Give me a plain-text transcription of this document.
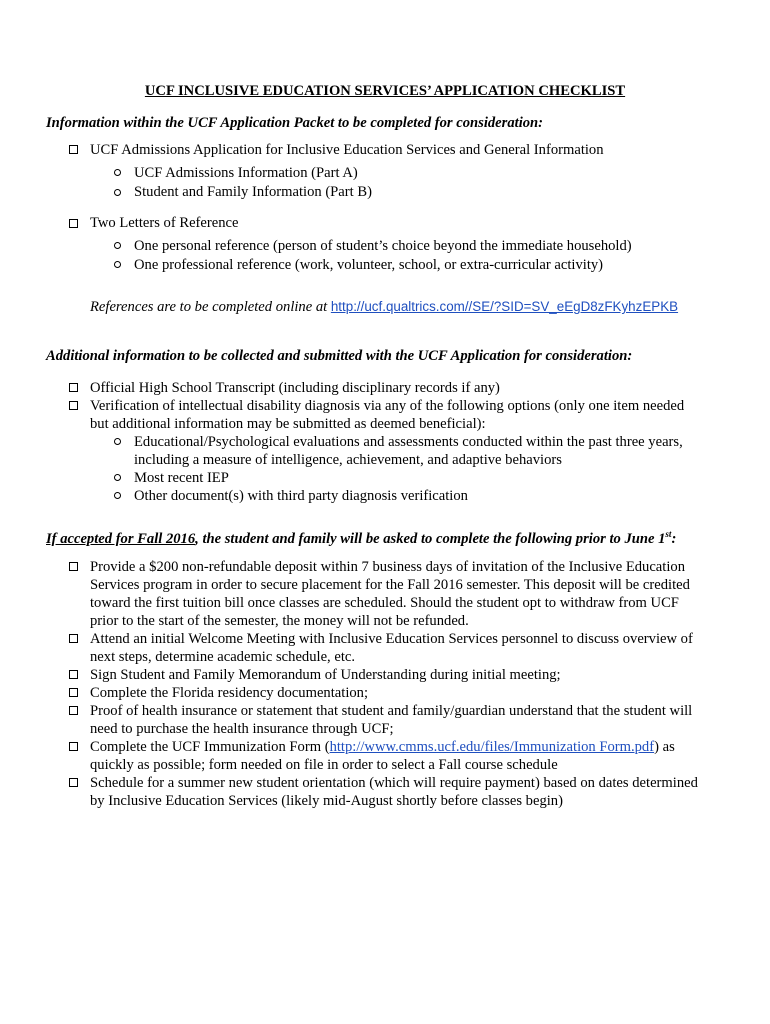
UCF INCLUSIVE EDUCATION SERVICES’ APPLICATION CHECKLIST
Information within the UCF Application Packet to be completed for consideration:
UCF Admissions Application for Inclusive Education Services and General Information
UCF Admissions Information (Part A)
Student and Family Information (Part B)
Two Letters of Reference
One personal reference (person of student’s choice beyond the immediate household)
One professional reference (work, volunteer, school, or extra-curricular activity)
References are to be completed online at http://ucf.qualtrics.com//SE/?SID=SV_eEgD8zFKyhzEPKB
Additional information to be collected and submitted with the UCF Application for consideration:
Official High School Transcript (including disciplinary records if any)
Verification of intellectual disability diagnosis via any of the following options (only one item needed
but additional information may be submitted as deemed beneficial):
Educational/Psychological evaluations and assessments conducted within the past three years,
including a measure of intelligence, achievement, and adaptive behaviors
Most recent IEP
Other document(s) with third party diagnosis verification
If accepted for Fall 2016, the student and family will be asked to complete the following prior to June 1st:
Provide a $200 non-refundable deposit within 7 business days of invitation of the Inclusive Education
Services program in order to secure placement for the Fall 2016 semester. This deposit will be credited
toward the first tuition bill once classes are scheduled. Should the student opt to withdraw from UCF
prior to the start of the semester, the money will not be refunded.
Attend an initial Welcome Meeting with Inclusive Education Services personnel to discuss overview of
next steps, determine academic schedule, etc.
Sign Student and Family Memorandum of Understanding during initial meeting;
Complete the Florida residency documentation;
Proof of health insurance or statement that student and family/guardian understand that the student will
need to purchase the health insurance through UCF;
Complete the UCF Immunization Form (http://www.cmms.ucf.edu/files/Immunization Form.pdf) as
quickly as possible; form needed on file in order to select a Fall course schedule
Schedule for a summer new student orientation (which will require payment) based on dates determined
by Inclusive Education Services (likely mid-August shortly before classes begin)
